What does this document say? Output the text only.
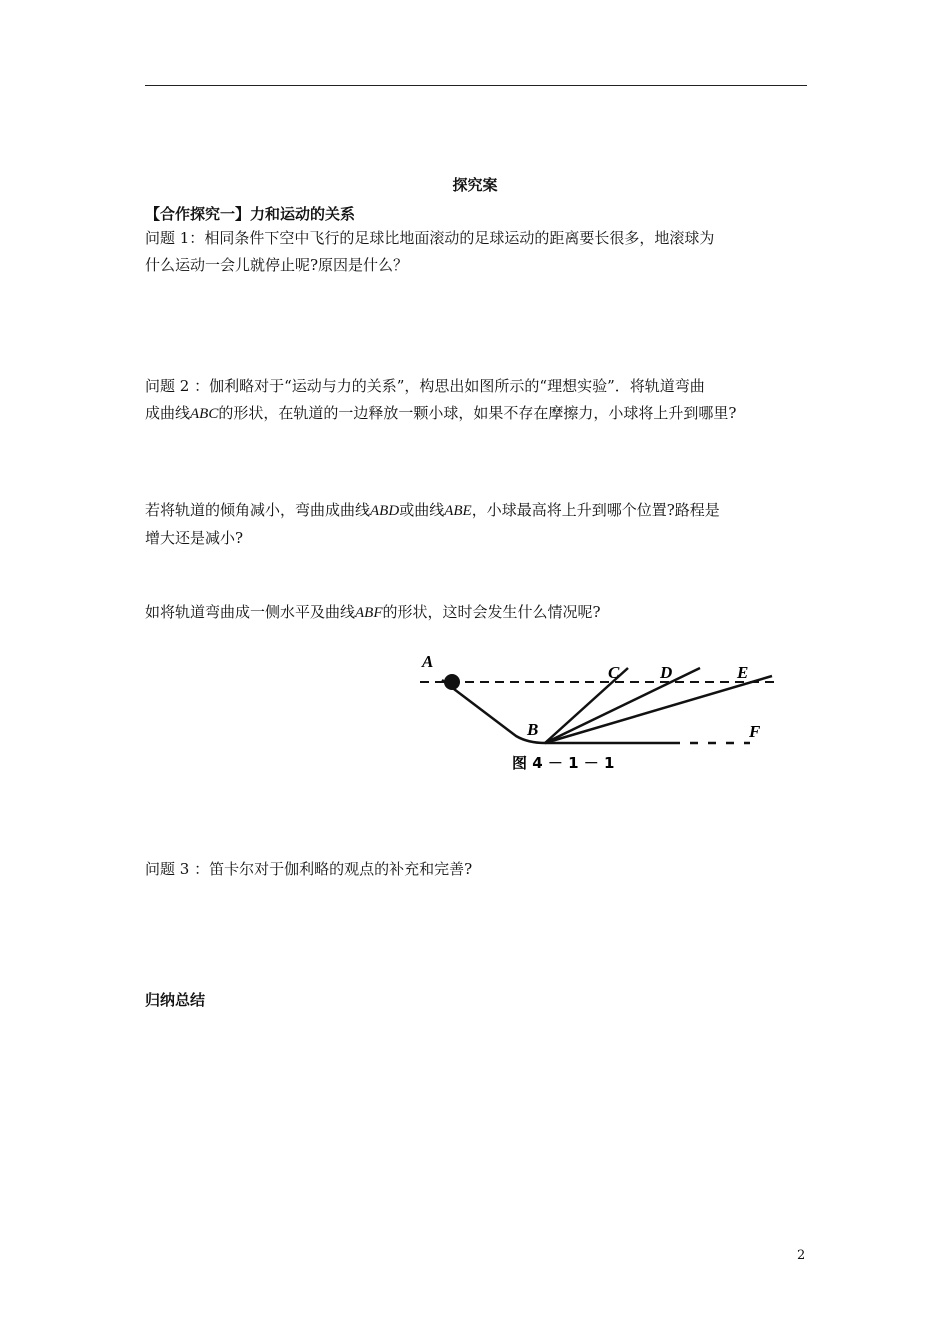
探究案
【合作探究一】力和运动的关系
问题 1：相同条件下空中飞行的足球比地面滚动的足球运动的距离要长很多，地滚球为
什么运动一会儿就停止呢?原因是什么？
问题 2 ：伽利略对于“运动与力的关系”，构思出如图所示的“理想实验”．将轨道弯曲
成曲线ABC的形状，在轨道的一边释放一颗小球，如果不存在摩擦力，小球将上升到哪里?
若将轨道的倾角减小，弯曲成曲线ABD或曲线ABE，小球最高将上升到哪个位置?路程是
增大还是减小?
如将轨道弯曲成一侧水平及曲线ABF的形状，这时会发生什么情况呢?
A
B
C D	E
F
图 4 － 1 － 1
问题 3 ：笛卡尔对于伽利略的观点的补充和完善?
归纳总结
2
